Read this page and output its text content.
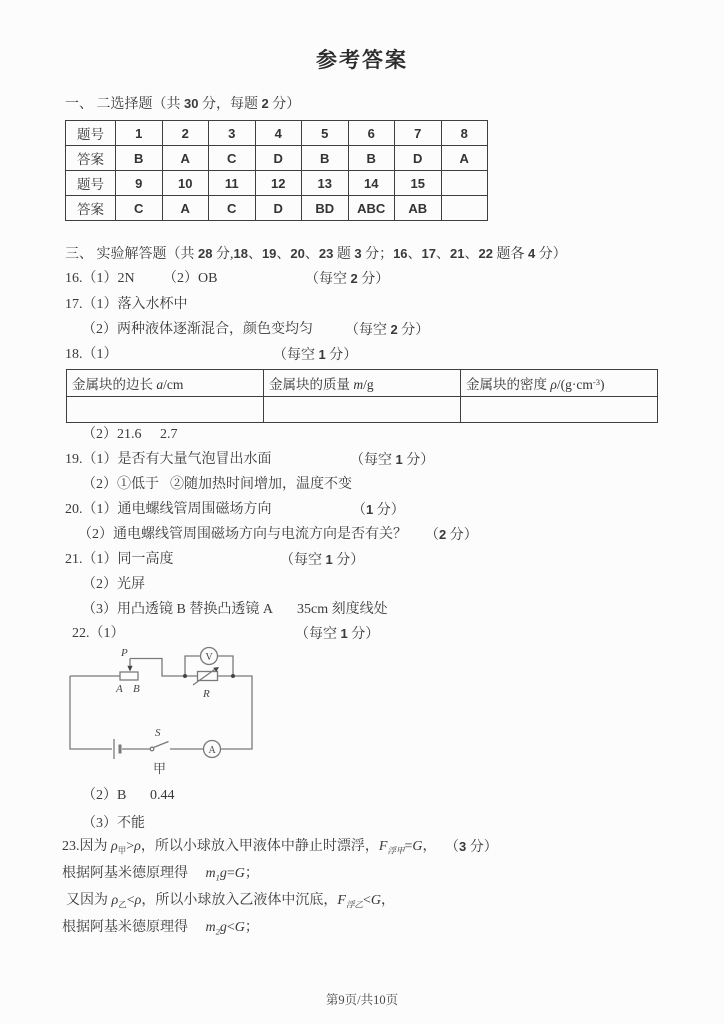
参考答案
一、 二选择题（共 30 分，每题 2 分）
题号	1	2	3	4	5	6	7	8
答案	B	A	C	D	B	B	D	A
题号	9	10	11	12	13	14	15	
答案	C	A	C	D	BD	ABC	AB	
三、 实验解答题（共 28 分,18、19、20、23 题 3 分；16、17、21、22 题各 4 分）
16.（1）2N （2）OB	（每空 2 分）
17.（1）落入水杯中
（2）两种液体逐渐混合，颜色变均匀 （每空 2 分）
18.（1）	（每空 1 分）
金属块的边长 a/cm	金属块的质量 m/g	金属块的密度 $\rho/(g\cdot cm^{-3})$

（2）21.6 2.7
19.（1）是否有大量气泡冒出水面	（每空 1 分）
（2）①低于 ②随加热时间增加，温度不变
20.（1）通电螺线管周围磁场方向	（1 分）
（2）通电螺线管周围磁场方向与电流方向是否有关？ （2 分）
21.（1）同一高度	（每空 1 分）
（2）光屏
（3）用凸透镜 B 替换凸透镜 A 35cm 刻度线处
22.（1）	（每空 1 分）
P
A B	R
S
V
A
甲
（2）B 0.44
（3）不能
23.因为 $\rho_甲>\rho$，所以小球放入甲液体中静止时漂浮，$F_{浮甲}=G$， （3 分）
根据阿基米德原理得　 $m_1g=G$；
又因为 $\rho_乙<\rho$，所以小球放入乙液体中沉底，$F_{浮乙}<G$，
根据阿基米德原理得　 $m_2g<G$；
第9页/共10页
